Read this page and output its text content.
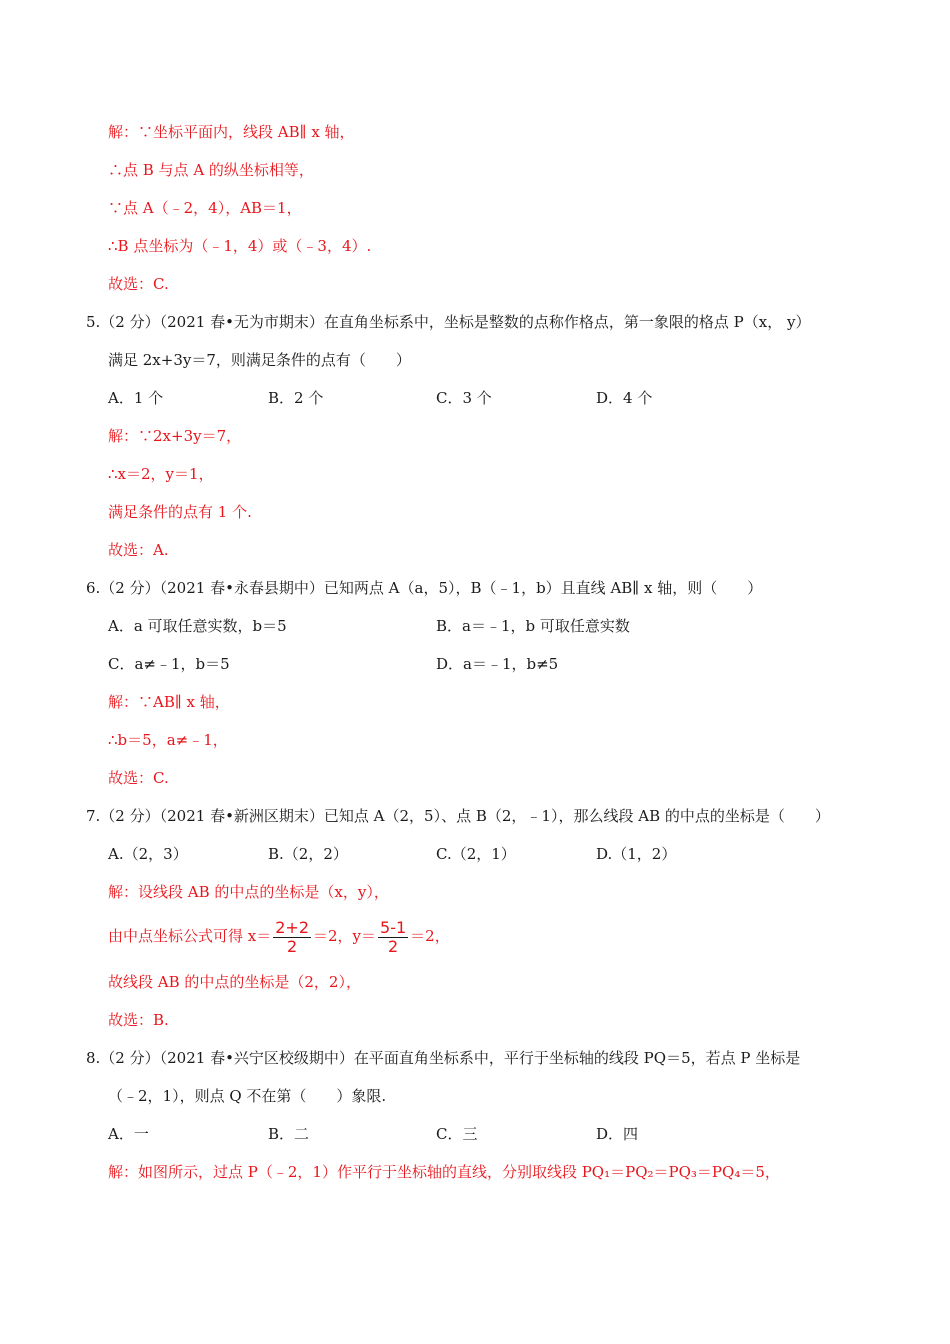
解：∵坐标平面内，线段 AB∥ x 轴，
∴点 B 与点 A 的纵坐标相等，
∵点 A（﹣2，4），AB＝1，
∴B 点坐标为（﹣1，4）或（﹣3，4）.
故选：C.
5.（2 分）（2021 春•无为市期末）在直角坐标系中，坐标是整数的点称作格点，第一象限的格点 P（x， y）
满足 2x+3y＝7，则满足条件的点有（　　）
A．1 个	B．2 个	C．3 个	D．4 个
解：∵2x+3y＝7，
∴x＝2，y＝1，
满足条件的点有 1 个.
故选：A.
6.（2 分）（2021 春•永春县期中）已知两点 A（a，5），B（﹣1，b）且直线 AB∥ x 轴，则（　　）
A．a 可取任意实数，b＝5	B．a＝﹣1，b 可取任意实数
C．a≠﹣1，b＝5	D．a＝﹣1，b≠5
解：∵AB∥ x 轴，
∴b＝5，a≠﹣1，
故选：C.
7.（2 分）（2021 春•新洲区期末）已知点 A（2，5）、点 B（2，﹣1），那么线段 AB 的中点的坐标是（　　）
A.（2，3）	B.（2，2）	C.（2，1）	D.（1，2）
解：设线段 AB 的中点的坐标是（x，y），
由中点坐标公式可得 $x= \frac{2+2}{2} =2$，$y= \frac{5-1}{2} =2$，
故线段 AB 的中点的坐标是（2，2），
故选：B.
8.（2 分）（2021 春•兴宁区校级期中）在平面直角坐标系中，平行于坐标轴的线段 PQ＝5，若点 P 坐标是
（﹣2，1），则点 Q 不在第（　　）象限.
A．一	B．二	C．三	D．四
解：如图所示，过点 P（﹣2，1）作平行于坐标轴的直线，分别取线段 PQ₁＝PQ₂＝PQ₃＝PQ₄＝5，
